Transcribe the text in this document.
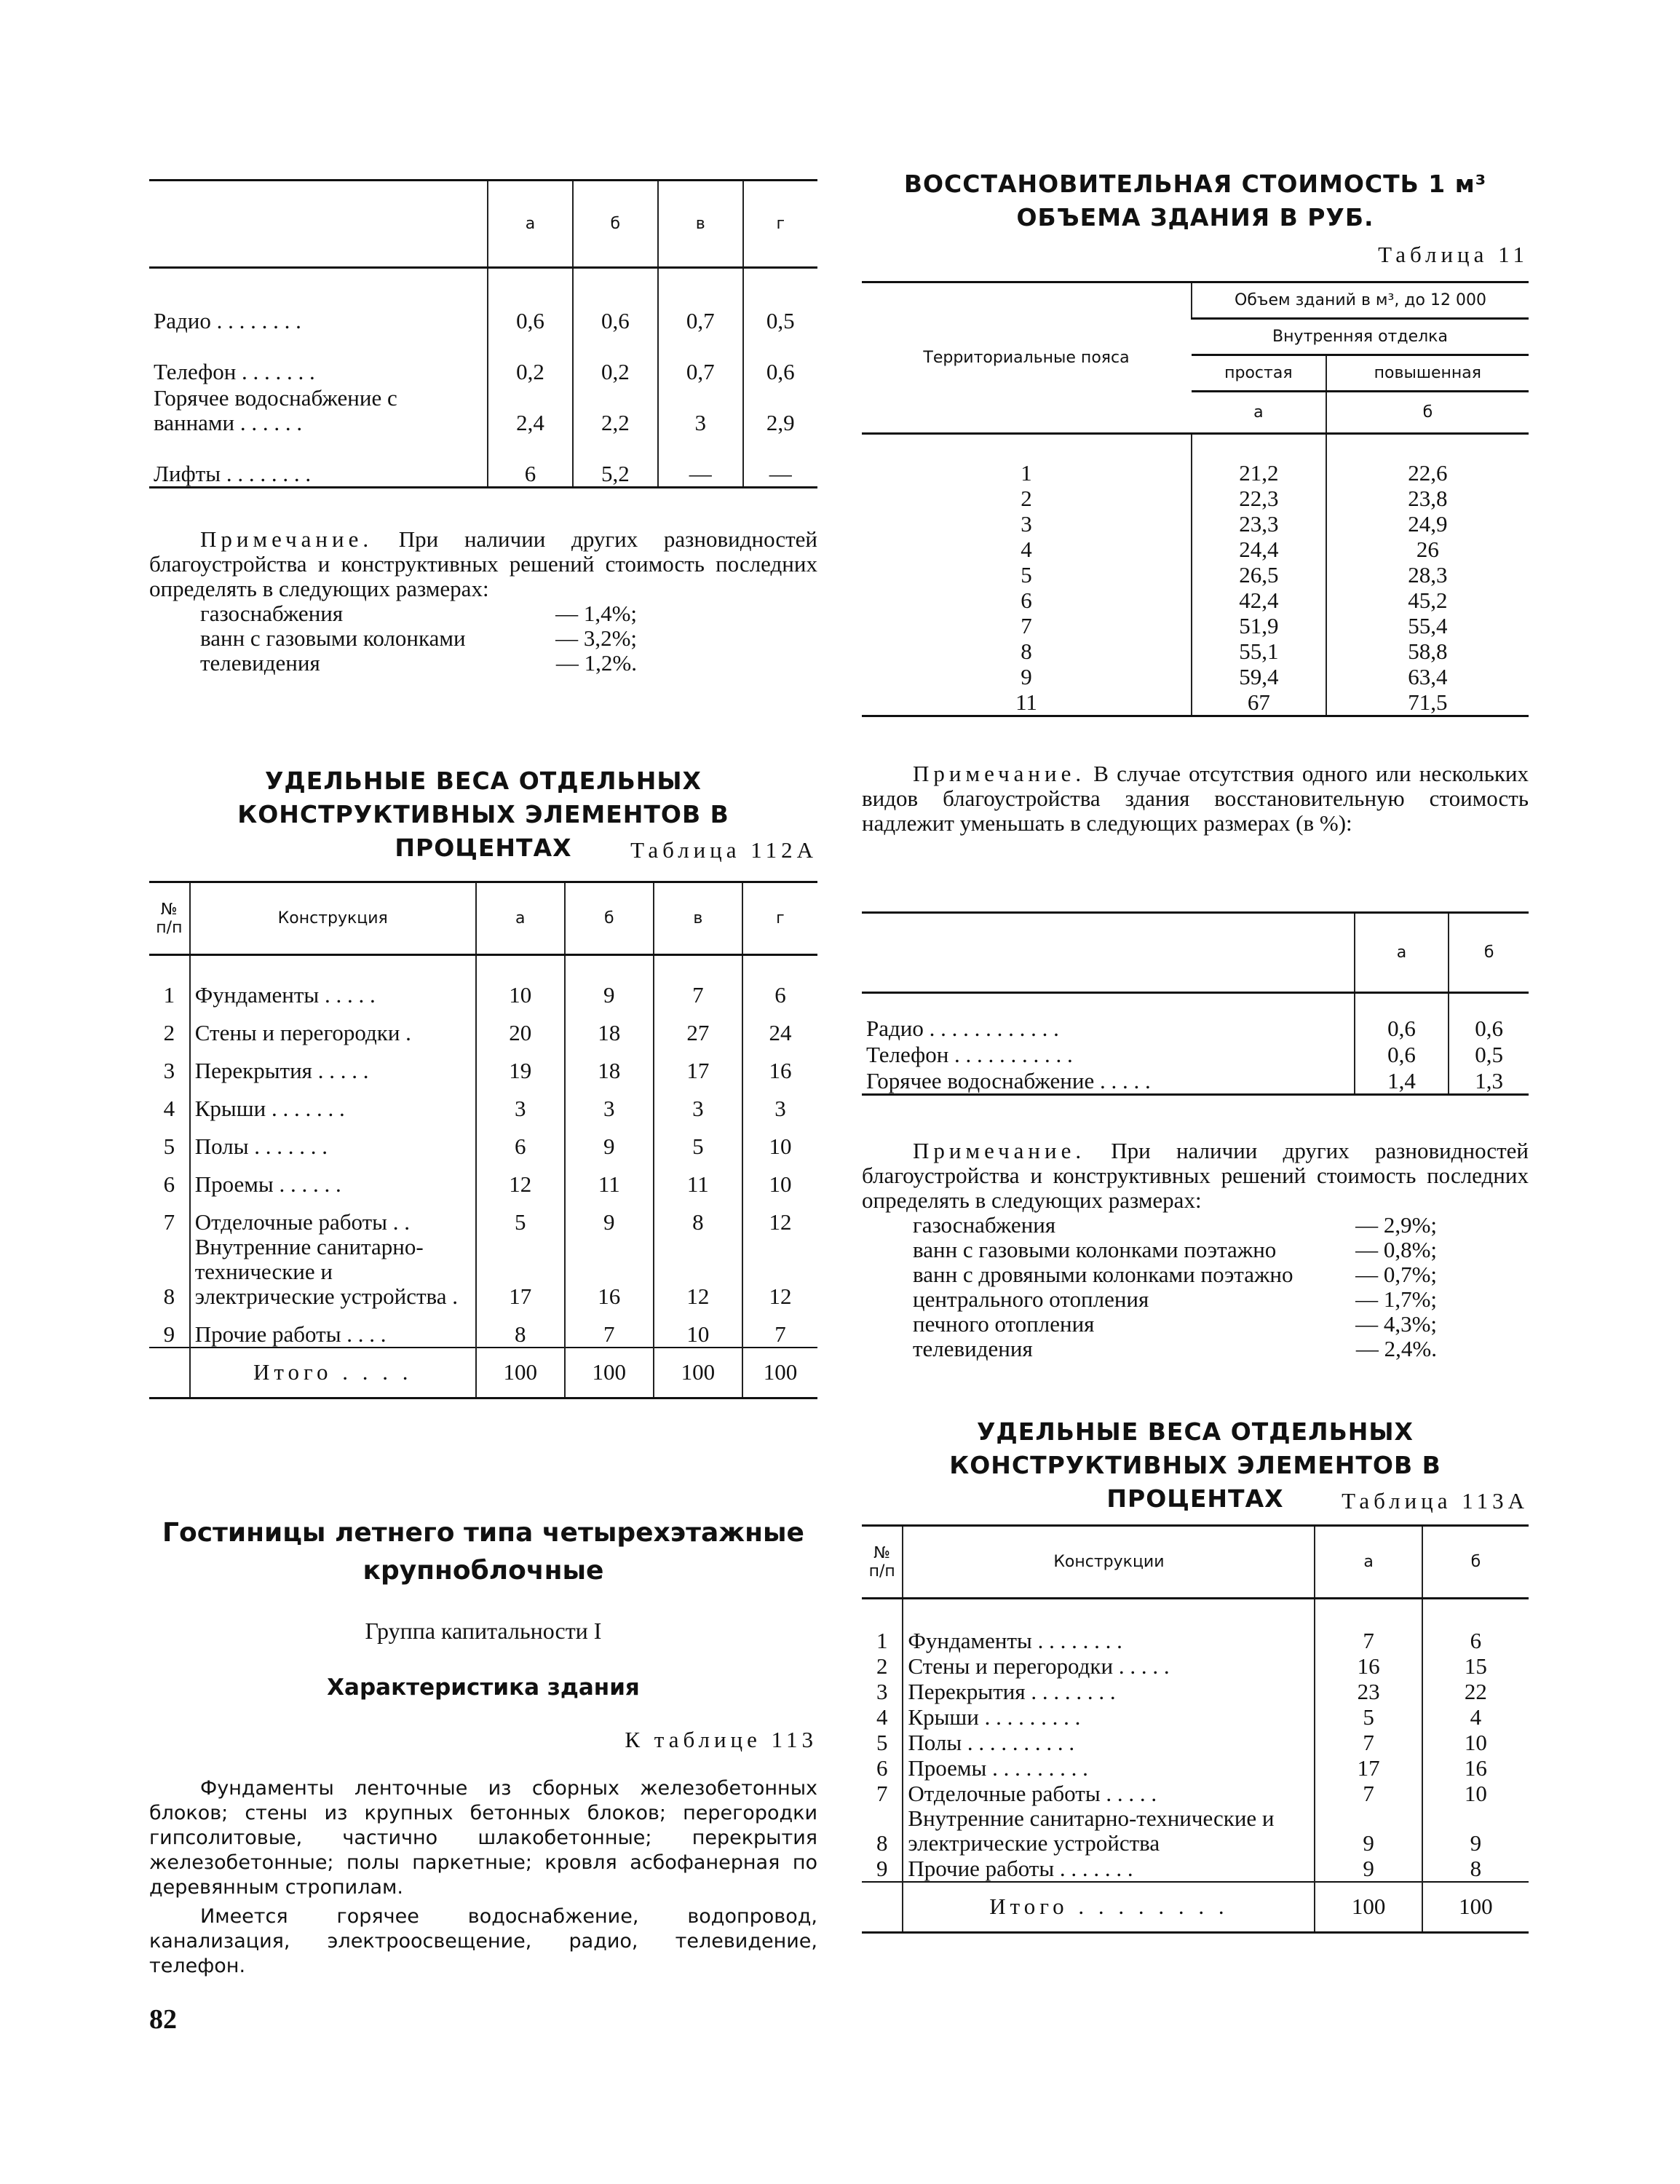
	а	б	в	г

Радио . . . . . . . .	0,6	0,6	0,7	0,5
Телефон . . . . . . .	0,2	0,2	0,7	0,6
Горячее водоснабжение с ваннами . . . . . .	2,4	2,2	3	2,9
Лифты . . . . . . . .	6	5,2	—	—
Примечание. При наличии других разновидностей благоустройства и конструктивных решений стоимость последних определять в следующих размерах:
газоснабжения	— 1,4%;
ванн с газовыми колонками	— 3,2%;
телевидения	— 1,2%.
УДЕЛЬНЫЕ ВЕСА ОТДЕЛЬНЫХ КОНСТРУКТИВНЫХ ЭЛЕМЕНТОВ В ПРОЦЕНТАХ	Таблица 112А
№ п/п	Конструкция	а	б	в	г

1	Фундаменты . . . . .	10	9	7	6
2	Стены и перегородки .	20	18	27	24
3	Перекрытия . . . . .	19	18	17	16
4	Крыши . . . . . . .	3	3	3	3
5	Полы . . . . . . .	6	9	5	10
6	Проемы . . . . . .	12	11	11	10
7	Отделочные работы . .	5	9	8	12
8	Внутренние санитарно-технические и электрические устройства .	17	16	12	12
9	Прочие работы . . . .	8	7	10	7
	Итого . . . .	100	100	100	100
Гостиницы летнего типа четырехэтажные крупноблочные
Группа капитальности I
Характеристика здания
К таблице 113
Фундаменты ленточные из сборных железобетонных блоков; стены из крупных бетонных блоков; перегородки гипсолитовые, частично шлакобетонные; перекрытия железобетонные; полы паркетные; кровля асбофанерная по деревянным стропилам.
Имеется горячее водоснабжение, водопровод, канализация, электроосвещение, радио, телевидение, телефон.
82
ВОССТАНОВИТЕЛЬНАЯ СТОИМОСТЬ 1 м³ ОБЪЕМА ЗДАНИЯ В РУБ.
Таблица 11
Территориальные пояса	Объем зданий в м³, до 12 000	
	Внутренняя отделка	
	простая	повышенная
	а	б
1	21,2	22,6
2	22,3	23,8
3	23,3	24,9
4	24,4	26
5	26,5	28,3
6	42,4	45,2
7	51,9	55,4
8	55,1	58,8
9	59,4	63,4
11	67	71,5
Примечание. В случае отсутствия одного или нескольких видов благоустройства здания восстановительную стоимость надлежит уменьшать в следующих размерах (в %):
	а	б

Радио . . . . . . . . . . . .	0,6	0,6
Телефон . . . . . . . . . . .	0,6	0,5
Горячее водоснабжение . . . . .	1,4	1,3
Примечание. При наличии других разновидностей благоустройства и конструктивных решений стоимость последних определять в следующих размерах:
газоснабжения	— 2,9%;
ванн с газовыми колонками поэтажно	— 0,8%;
ванн с дровяными колонками поэтажно	— 0,7%;
центрального отопления	— 1,7%;
печного отопления	— 4,3%;
телевидения	— 2,4%.
УДЕЛЬНЫЕ ВЕСА ОТДЕЛЬНЫХ КОНСТРУКТИВНЫХ ЭЛЕМЕНТОВ В ПРОЦЕНТАХ	Таблица 113А
№ п/п	Конструкции	а	б

1	Фундаменты . . . . . . . .	7	6
2	Стены и перегородки . . . . .	16	15
3	Перекрытия . . . . . . . .	23	22
4	Крыши . . . . . . . . .	5	4
5	Полы . . . . . . . . . .	7	10
6	Проемы . . . . . . . . .	17	16
7	Отделочные работы . . . . .	7	10
8	Внутренние санитарно-технические и электрические устройства	9	9
9	Прочие работы . . . . . . .	9	8
	Итого . . . . . . . .	100	100
